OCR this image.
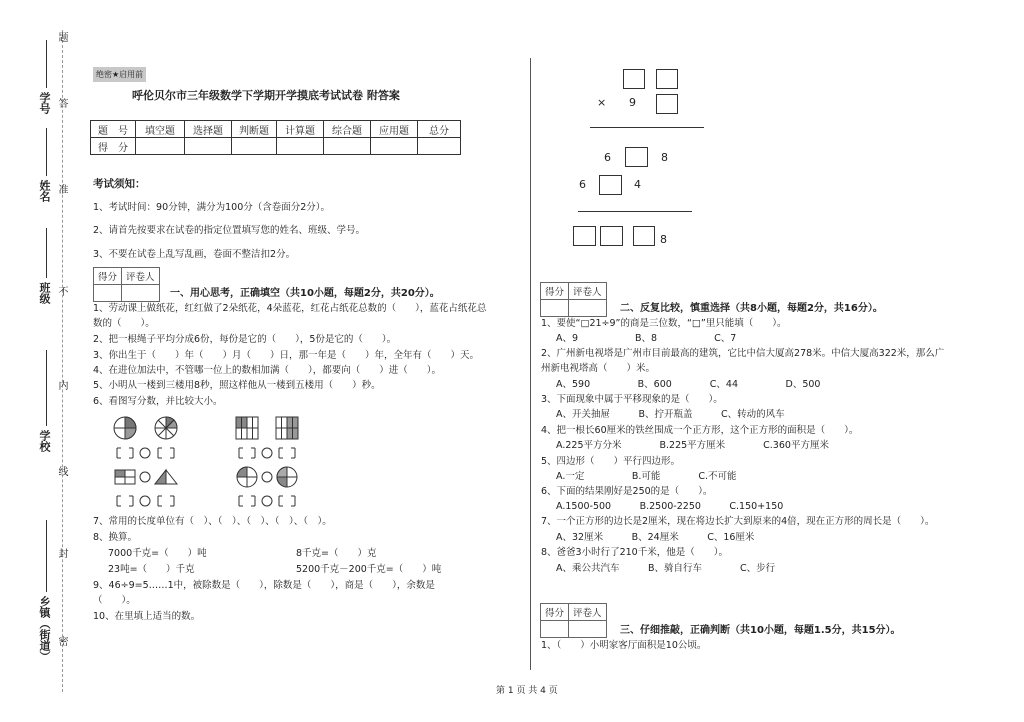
学号
姓名
班级
学校
乡镇（街道）
题
答
准
不
内
线
封
密
绝密★启用前
呼伦贝尔市三年级数学下学期开学摸底考试试卷 附答案
题　号	填空题	选择题	判断题	计算题	综合题	应用题	总分
得　分							
考试须知：
1、考试时间：90分钟，满分为100分（含卷面分2分）。
2、请首先按要求在试卷的指定位置填写您的姓名、班级、学号。
3、不要在试卷上乱写乱画，卷面不整洁扣2分。
得分	评卷人

一、用心思考，正确填空（共10小题，每题2分，共20分）。
1、劳动课上做纸花，红红做了2朵纸花，4朵蓝花，红花占纸花总数的（　　），蓝花占纸花总
数的（　　）。
2、把一根绳子平均分成6份，每份是它的（　　），5份是它的（　　）。
3、你出生于（　　）年（　　）月（　　）日，那一年是（　　）年，全年有（　　）天。
4、在进位加法中，不管哪一位上的数相加满（　　），都要向（　　）进（　　）。
5、小明从一楼到三楼用8秒，照这样他从一楼到五楼用（　　）秒。
6、看图写分数，并比较大小。
7、常用的长度单位有（　）、（　）、（　）、（　）、（　）。
8、换算。
7000千克=（　　）吨	8千克=（　　）克
23吨=（　　）千克	5200千克－200千克=（　　）吨
9、46÷9=5……1中，被除数是（　　），除数是（　　），商是（　　），余数是
（　　）。
10、在里填上适当的数。
× 9
6	8
6	4
8
得分	评卷人

二、反复比较，慎重选择（共8小题，每题2分，共16分）。
1、要使“□21÷9”的商是三位数，“□”里只能填（　　）。
A、9　　　　　　B、8　　　　　　C、7
2、广州新电视塔是广州市目前最高的建筑，它比中信大厦高278米。中信大厦高322米，那么广
州新电视塔高（　　）米。
A、590　　　　　B、600　　　　C、44　　　　　D、500
3、下面现象中属于平移现象的是（　　）。
A、开关抽屉　　　B、拧开瓶盖　　　C、转动的风车
4、把一根长60厘米的铁丝围成一个正方形，这个正方形的面积是（　　）。
A.225平方分米　　　　B.225平方厘米　　　　C.360平方厘米
5、四边形（　　）平行四边形。
A.一定　　　　　B.可能　　　　C.不可能
6、下面的结果刚好是250的是（　　）。
A.1500-500　　　B.2500-2250　　　C.150+150
7、一个正方形的边长是2厘米，现在将边长扩大到原来的4倍，现在正方形的周长是（　　）。
A、32厘米　　　B、24厘米　　　C、16厘米
8、爸爸3小时行了210千米，他是（　　）。
A、乘公共汽车　　　B、骑自行车　　　　C、步行
得分	评卷人

三、仔细推敲，正确判断（共10小题，每题1.5分，共15分）。
1、（　　）小明家客厅面积是10公顷。
第 1 页 共 4 页
